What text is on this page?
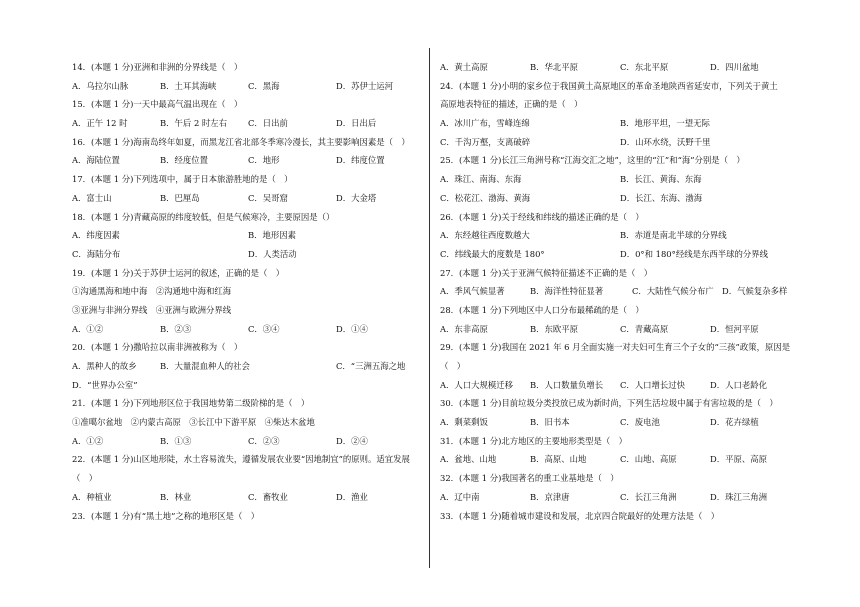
14．(本题 1 分)亚洲和非洲的分界线是（　）
A．乌拉尔山脉	B．土耳其海峡	C．黑海	D．苏伊士运河
15．(本题 1 分)一天中最高气温出现在（　）
A．正午 12 时	B．午后 2 时左右 C．日出前	D．日出后
16．(本题 1 分)海南岛终年如夏，而黑龙江省北部冬季寒冷漫长，其主要影响因素是（　）
A．海陆位置	B．经度位置	C．地形	D．纬度位置
17．(本题 1 分)下列选项中，属于日本旅游胜地的是（　）
A．富士山	B．巴厘岛	C．吴哥窟	D．大金塔
18．(本题 1 分)青藏高原的纬度较低，但是气候寒冷，主要原因是（）
A．纬度因素	B．地形因素
C．海陆分布	D．人类活动
19．(本题 1 分)关于苏伊士运河的叙述，正确的是（　）
①沟通黑海和地中海　②沟通地中海和红海
③亚洲与非洲分界线　④亚洲与欧洲分界线
A．①②	B．②③	C．③④	D．①④
20．(本题 1 分)撒哈拉以南非洲被称为（　）
A．黑种人的故乡	B．大量混血种人的社会	C．“三洲五海之地
D．“世界办公室”
21．(本题 1 分)下列地形区位于我国地势第二级阶梯的是（　）
①准噶尔盆地　②内蒙古高原　③长江中下游平原　④柴达木盆地
A．①②	B．①③	C．②③	D．②④
22．(本题 1 分)山区地形陡，水土容易流失，遵循发展农业要“因地制宜”的原则。适宜发展
（　）
A．种植业	B．林业	C．畜牧业	D．渔业
23．(本题 1 分)有“黑土地”之称的地形区是（　）
A．黄土高原	B．华北平原	C．东北平原	D．四川盆地
24．(本题 1 分)小明的家乡位于我国黄土高原地区的革命圣地陕西省延安市，下列关于黄土
高原地表特征的描述，正确的是（　）
A．冰川广布，雪峰连绵	B．地形平坦，一望无际
C．千沟万壑，支离破碎	D．山环水绕，沃野千里
25．(本题 1 分)长江三角洲号称“江海交汇之地”，这里的“江”和“海”分别是（　）
A．珠江、南海、东海	B．长江、黄海、东海
C．松花江、渤海、黄海	D．长江、东海、渤海
26．(本题 1 分)关于经线和纬线的描述正确的是（　）
A．东经越往西度数越大	B．赤道是南北半球的分界线
C．纬线最大的度数是 180°	D．0°和 180°经线是东西半球的分界线
27．(本题 1 分)关于亚洲气候特征描述不正确的是（　）
A．季风气候显著	B．海洋性特征显著	C．大陆性气候分布广 D．气候复杂多样
28．(本题 1 分)下列地区中人口分布最稀疏的是（　）
A．东非高原	B．东欧平原	C．青藏高原	D．恒河平原
29．(本题 1 分)我国在 2021 年 6 月全面实施一对夫妇可生育三个子女的“三孩”政策，原因是
（　）
A．人口大规模迁移 B．人口数量负增长 C．人口增长过快	D．人口老龄化
30．(本题 1 分)目前垃圾分类投放已成为新时尚，下列生活垃圾中属于有害垃圾的是（　）
A．剩菜剩饭	B．旧书本	C．废电池	D．花卉绿植
31．(本题 1 分)北方地区的主要地形类型是（　）
A．盆地、山地	B．高原、山地	C．山地、高原	D．平原、高原
32．(本题 1 分)我国著名的重工业基地是（　）
A．辽中南	B．京津唐	C．长江三角洲	D．珠江三角洲
33．(本题 1 分)随着城市建设和发展，北京四合院最好的处理方法是（　）
